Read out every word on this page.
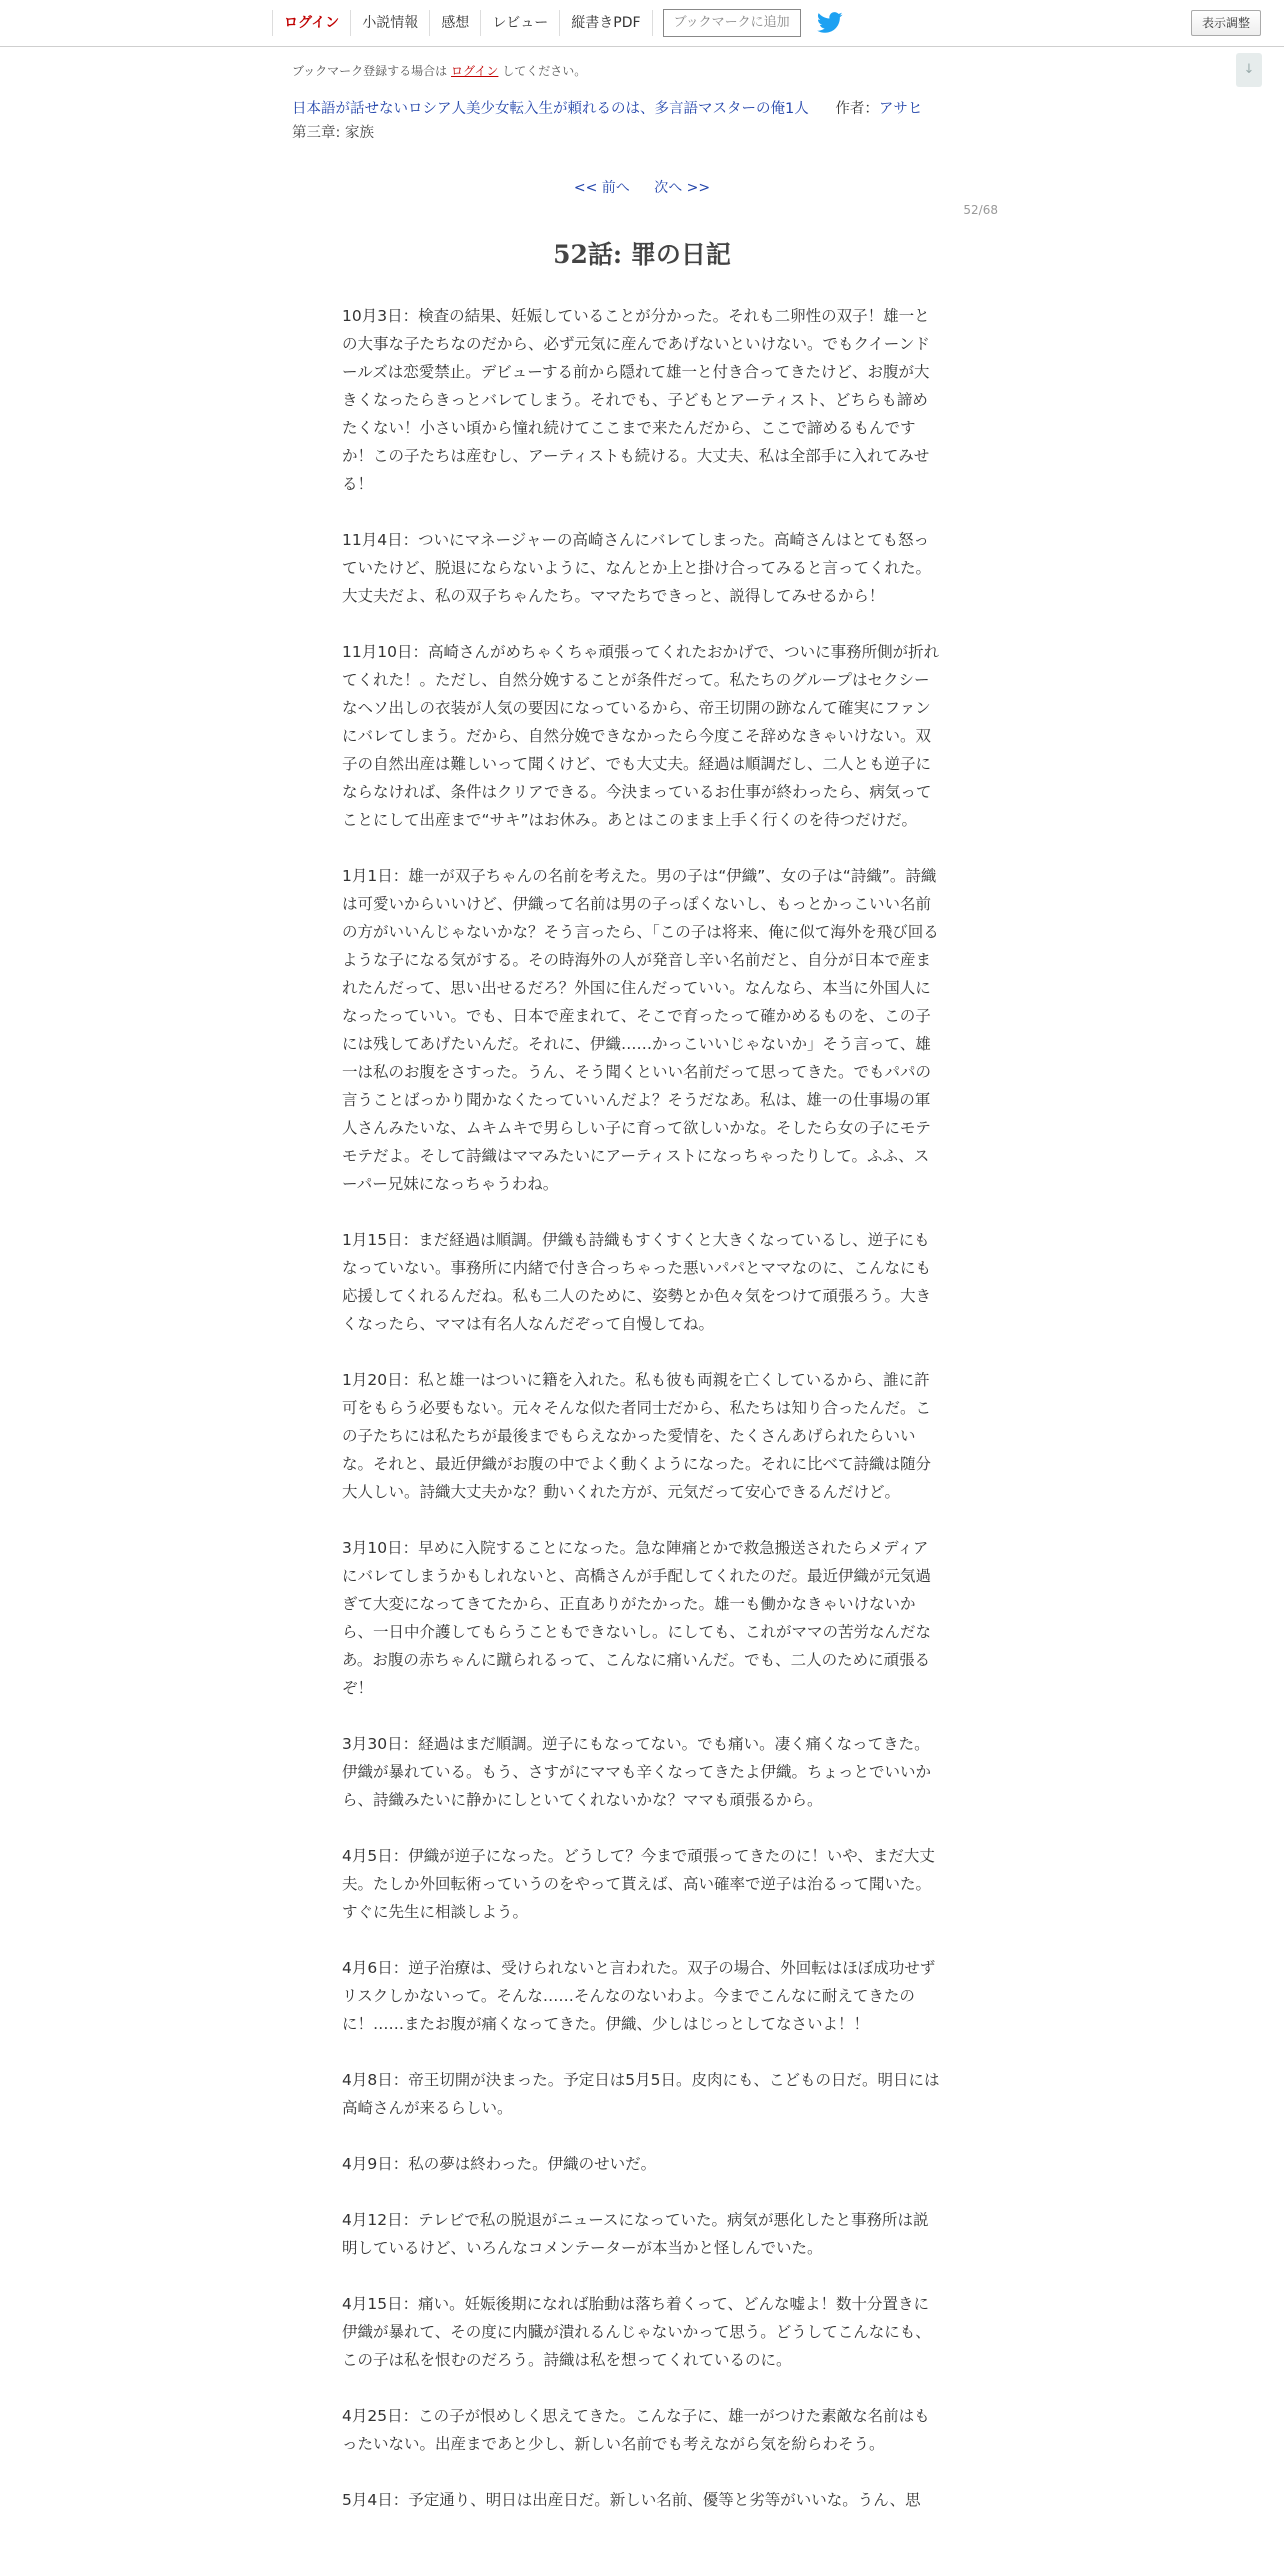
ログイン	小説情報	感想	レビュー	縦書きPDF	ブックマークに追加	表示調整
↓
ブックマーク登録する場合は ログイン してください。
日本語が話せないロシア人美少女転入生が頼れるのは、多言語マスターの俺1人 作者：アサヒ
第三章: 家族
<< 前へ 次へ >>
52/68
52話: 罪の日記

10月3日：検査の結果、妊娠していることが分かった。それも二卵性の双子！雄一との大事な子たちなのだから、必ず元気に産んであげないといけない。でもクイーンドールズは恋愛禁止。デビューする前から隠れて雄一と付き合ってきたけど、お腹が大きくなったらきっとバレてしまう。それでも、子どもとアーティスト、どちらも諦めたくない！小さい頃から憧れ続けてここまで来たんだから、ここで諦めるもんですか！この子たちは産むし、アーティストも続ける。大丈夫、私は全部手に入れてみせる！

11月4日：ついにマネージャーの高崎さんにバレてしまった。高崎さんはとても怒っていたけど、脱退にならないように、なんとか上と掛け合ってみると言ってくれた。大丈夫だよ、私の双子ちゃんたち。ママたちできっと、説得してみせるから！

11月10日：高崎さんがめちゃくちゃ頑張ってくれたおかげで、ついに事務所側が折れてくれた！。ただし、自然分娩することが条件だって。私たちのグループはセクシーなヘソ出しの衣装が人気の要因になっているから、帝王切開の跡なんて確実にファンにバレてしまう。だから、自然分娩できなかったら今度こそ辞めなきゃいけない。双子の自然出産は難しいって聞くけど、でも大丈夫。経過は順調だし、二人とも逆子にならなければ、条件はクリアできる。今決まっているお仕事が終わったら、病気ってことにして出産まで“サキ”はお休み。あとはこのまま上手く行くのを待つだけだ。

1月1日：雄一が双子ちゃんの名前を考えた。男の子は“伊織”、女の子は“詩織”。詩織は可愛いからいいけど、伊織って名前は男の子っぽくないし、もっとかっこいい名前の方がいいんじゃないかな？そう言ったら、「この子は将来、俺に似て海外を飛び回るような子になる気がする。その時海外の人が発音し辛い名前だと、自分が日本で産まれたんだって、思い出せるだろ？外国に住んだっていい。なんなら、本当に外国人になったっていい。でも、日本で産まれて、そこで育ったって確かめるものを、この子には残してあげたいんだ。それに、伊織……かっこいいじゃないか」そう言って、雄一は私のお腹をさすった。うん、そう聞くといい名前だって思ってきた。でもパパの言うことばっかり聞かなくたっていいんだよ？そうだなあ。私は、雄一の仕事場の軍人さんみたいな、ムキムキで男らしい子に育って欲しいかな。そしたら女の子にモテモテだよ。そして詩織はママみたいにアーティストになっちゃったりして。ふふ、スーパー兄妹になっちゃうわね。

1月15日：まだ経過は順調。伊織も詩織もすくすくと大きくなっているし、逆子にもなっていない。事務所に内緒で付き合っちゃった悪いパパとママなのに、こんなにも応援してくれるんだね。私も二人のために、姿勢とか色々気をつけて頑張ろう。大きくなったら、ママは有名人なんだぞって自慢してね。

1月20日：私と雄一はついに籍を入れた。私も彼も両親を亡くしているから、誰に許可をもらう必要もない。元々そんな似た者同士だから、私たちは知り合ったんだ。この子たちには私たちが最後までもらえなかった愛情を、たくさんあげられたらいいな。それと、最近伊織がお腹の中でよく動くようになった。それに比べて詩織は随分大人しい。詩織大丈夫かな？動いくれた方が、元気だって安心できるんだけど。

3月10日：早めに入院することになった。急な陣痛とかで救急搬送されたらメディアにバレてしまうかもしれないと、高橋さんが手配してくれたのだ。最近伊織が元気過ぎて大変になってきてたから、正直ありがたかった。雄一も働かなきゃいけないから、一日中介護してもらうこともできないし。にしても、これがママの苦労なんだなあ。お腹の赤ちゃんに蹴られるって、こんなに痛いんだ。でも、二人のために頑張るぞ！

3月30日：経過はまだ順調。逆子にもなってない。でも痛い。凄く痛くなってきた。伊織が暴れている。もう、さすがにママも辛くなってきたよ伊織。ちょっとでいいから、詩織みたいに静かにしといてくれないかな？ママも頑張るから。

4月5日：伊織が逆子になった。どうして？今まで頑張ってきたのに！いや、まだ大丈夫。たしか外回転術っていうのをやって貰えば、高い確率で逆子は治るって聞いた。すぐに先生に相談しよう。

4月6日：逆子治療は、受けられないと言われた。双子の場合、外回転はほぼ成功せずリスクしかないって。そんな……そんなのないわよ。今までこんなに耐えてきたのに！……またお腹が痛くなってきた。伊織、少しはじっとしてなさいよ！！

4月8日：帝王切開が決まった。予定日は5月5日。皮肉にも、こどもの日だ。明日には高崎さんが来るらしい。

4月9日：私の夢は終わった。伊織のせいだ。

4月12日：テレビで私の脱退がニュースになっていた。病気が悪化したと事務所は説明しているけど、いろんなコメンテーターが本当かと怪しんでいた。

4月15日：痛い。妊娠後期になれば胎動は落ち着くって、どんな嘘よ！数十分置きに伊織が暴れて、その度に内臓が潰れるんじゃないかって思う。どうしてこんなにも、この子は私を恨むのだろう。詩織は私を想ってくれているのに。

4月25日：この子が恨めしく思えてきた。こんな子に、雄一がつけた素敵な名前はもったいない。出産まであと少し、新しい名前でも考えながら気を紛らわそう。

5月4日：予定通り、明日は出産日だ。新しい名前、優等と劣等がいいな。うん、思
